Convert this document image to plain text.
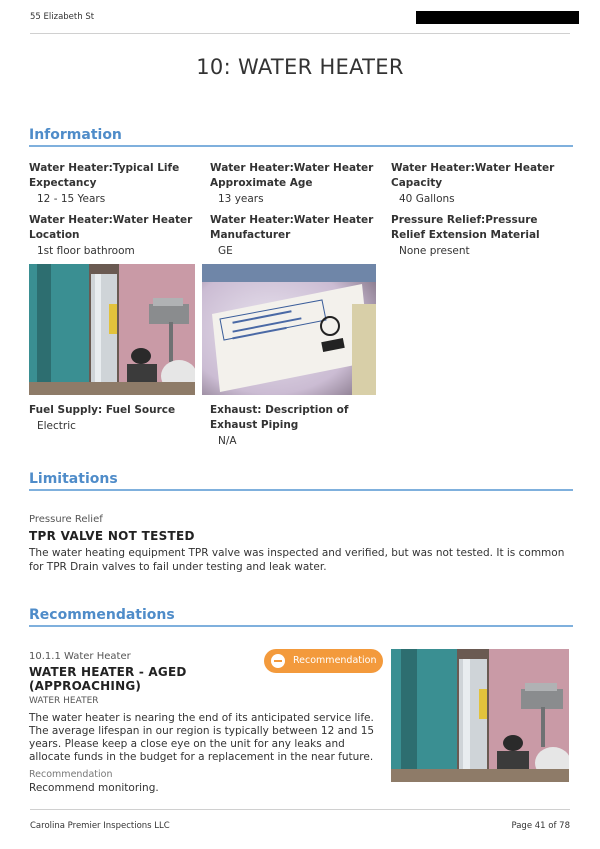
55 Elizabeth St
10: WATER HEATER
Information
Water Heater:Typical Life Expectancy
12 - 15 Years
Water Heater:Water Heater Approximate Age
13 years
Water Heater:Water Heater Capacity
40 Gallons
Water Heater:Water Heater Location
1st floor bathroom
Water Heater:Water Heater Manufacturer
GE
Pressure Relief:Pressure Relief Extension Material
None present
Fuel Supply: Fuel Source
Electric
Exhaust: Description of Exhaust Piping
N/A
Limitations
Pressure Relief
TPR VALVE NOT TESTED
The water heating equipment TPR valve was inspected and verified, but was not tested. It is common for TPR Drain valves to fail under testing and leak water.
Recommendations
10.1.1 Water Heater
WATER HEATER - AGED (APPROACHING)
WATER HEATER
Recommendation
The water heater is nearing the end of its anticipated service life. The average lifespan in our region is typically between 12 and 15 years. Please keep a close eye on the unit for any leaks and allocate funds in the budget for a replacement in the near future.
Recommendation
Recommend monitoring.
Carolina Premier Inspections LLC	Page 41 of 78
